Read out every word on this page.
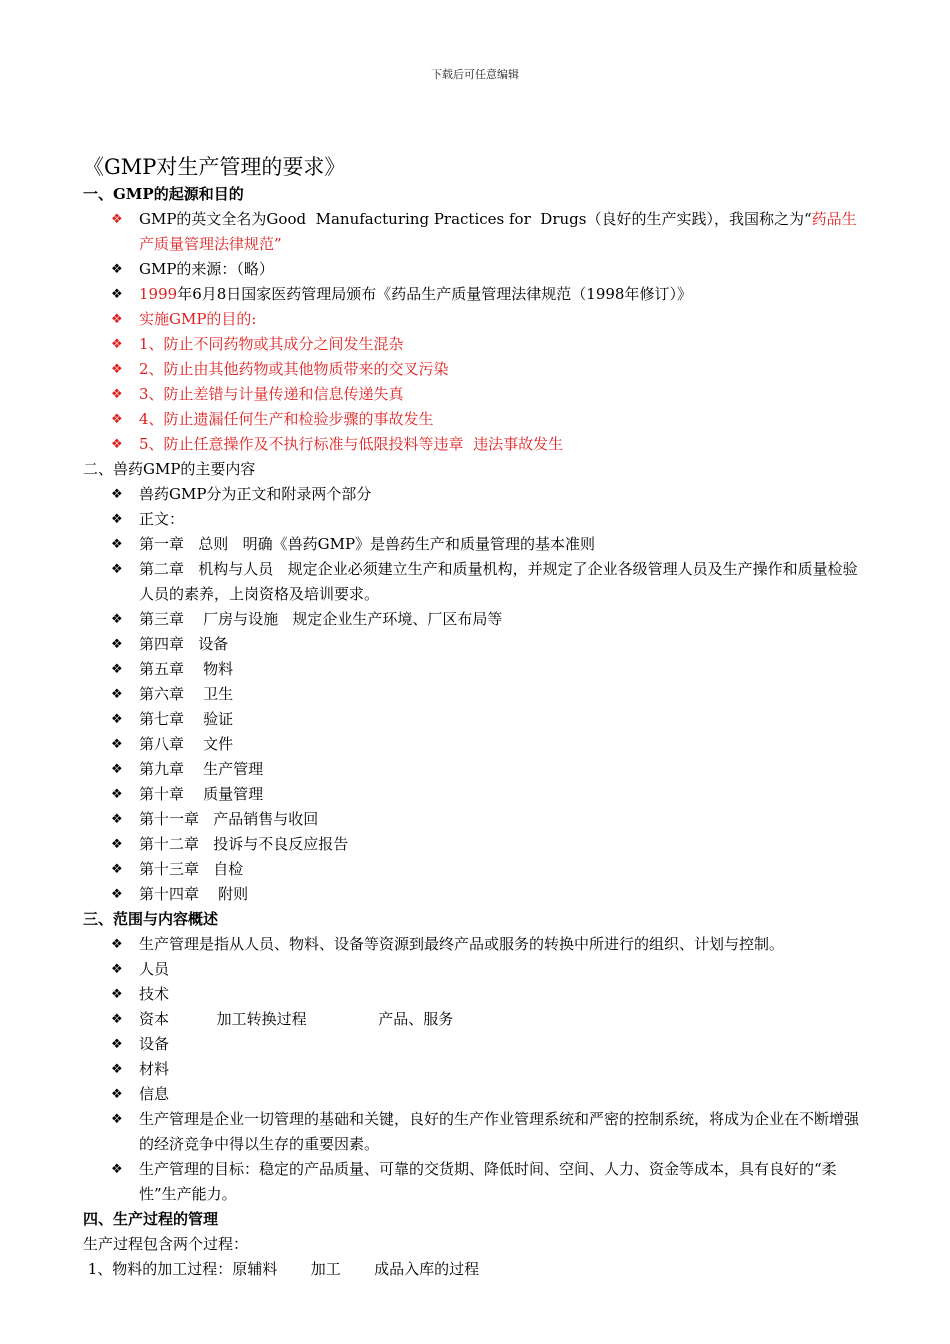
下载后可任意编辑
《GMP对生产管理的要求》
一、GMP的起源和目的
❖	GMP的英文全名为Good  Manufacturing Practices for  Drugs（良好的生产实践），我国称之为“药品生产质量管理法律规范”
❖	GMP的来源：（略）
❖	1999年6月8日国家医药管理局颁布《药品生产质量管理法律规范（1998年修订）》
❖	实施GMP的目的:
❖	1、防止不同药物或其成分之间发生混杂
❖	2、防止由其他药物或其他物质带来的交叉污染
❖	3、防止差错与计量传递和信息传递失真
❖	4、防止遗漏任何生产和检验步骤的事故发生
❖	5、防止任意操作及不执行标准与低限投料等违章  违法事故发生
二、兽药GMP的主要内容
❖	兽药GMP分为正文和附录两个部分
❖	正文：
❖	第一章   总则   明确《兽药GMP》是兽药生产和质量管理的基本准则
❖	第二章   机构与人员   规定企业必须建立生产和质量机构，并规定了企业各级管理人员及生产操作和质量检验人员的素养，上岗资格及培训要求。
❖	第三章    厂房与设施   规定企业生产环境、厂区布局等
❖	第四章   设备
❖	第五章    物料
❖	第六章    卫生
❖	第七章    验证
❖	第八章    文件
❖	第九章    生产管理
❖	第十章    质量管理
❖	第十一章   产品销售与收回
❖	第十二章   投诉与不良反应报告
❖	第十三章   自检
❖	第十四章    附则
三、范围与内容概述
❖	生产管理是指从人员、物料、设备等资源到最终产品或服务的转换中所进行的组织、计划与控制。
❖	人员
❖	技术
❖	资本          加工转换过程               产品、服务
❖	设备
❖	材料
❖	信息
❖	生产管理是企业一切管理的基础和关键，良好的生产作业管理系统和严密的控制系统，将成为企业在不断增强的经济竞争中得以生存的重要因素。
❖	生产管理的目标：稳定的产品质量、可靠的交货期、降低时间、空间、人力、资金等成本，具有良好的“柔性”生产能力。
四、生产过程的管理
生产过程包含两个过程：
1、物料的加工过程：原辅料       加工       成品入库的过程
